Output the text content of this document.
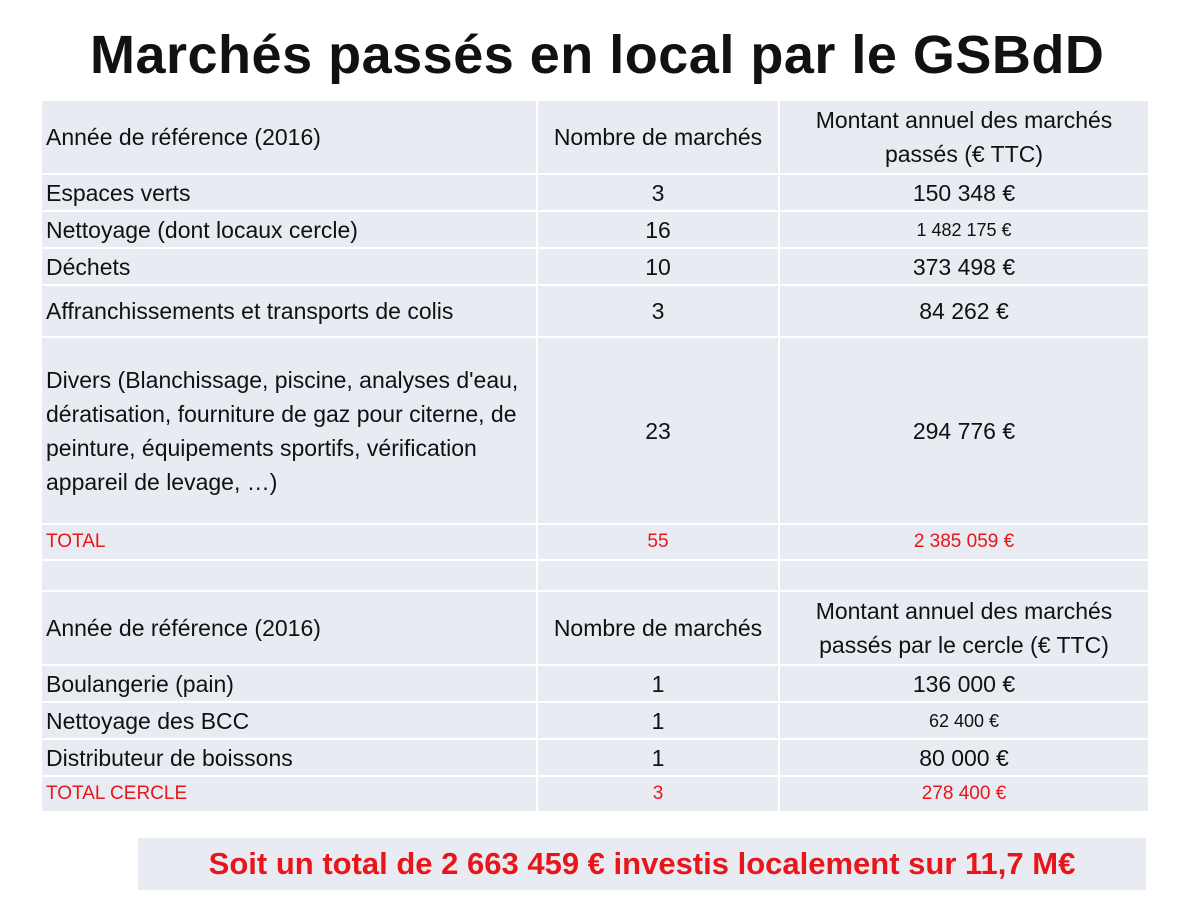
Marchés passés en local par le GSBdD
Année de référence (2016)	Nombre de marchés	Montant annuel des marchés passés (€ TTC)
Espaces verts	3	150 348 €
Nettoyage (dont locaux cercle)	16	1 482 175 €
Déchets	10	373 498 €
Affranchissements et transports de colis	3	84 262 €
Divers (Blanchissage, piscine, analyses d'eau, dératisation, fourniture de gaz pour citerne, de peinture, équipements sportifs, vérification appareil de levage, …)	23	294 776 €
TOTAL	55	2 385 059 €

Année de référence (2016)	Nombre de marchés	Montant annuel des marchés passés par le cercle (€ TTC)
Boulangerie (pain)	1	136 000 €
Nettoyage des BCC	1	62 400 €
Distributeur de boissons	1	80 000 €
TOTAL CERCLE	3	278 400 €
Soit un total de 2 663 459 € investis localement sur 11,7 M€
